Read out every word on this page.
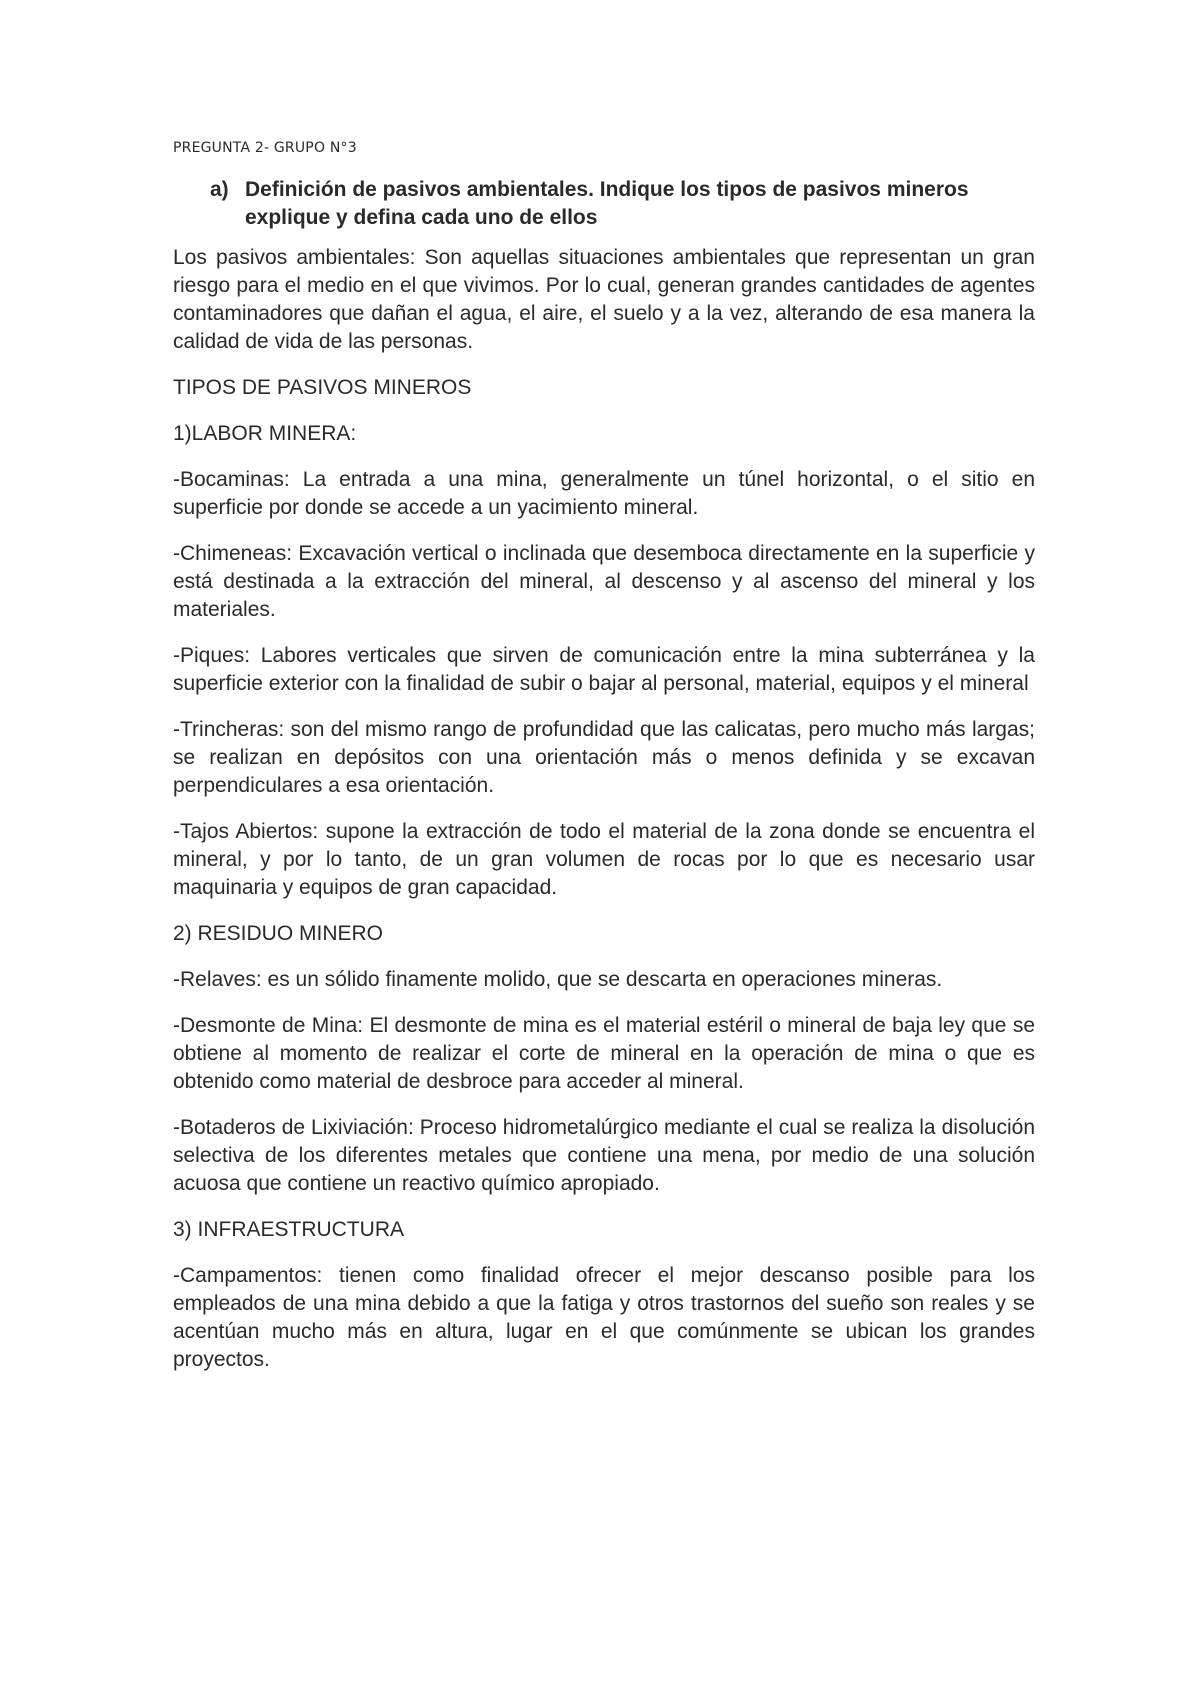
PREGUNTA 2- GRUPO N°3
a) Definición de pasivos ambientales. Indique los tipos de pasivos mineros explique y defina cada uno de ellos

Los pasivos ambientales: Son aquellas situaciones ambientales que representan un gran riesgo para el medio en el que vivimos. Por lo cual, generan grandes cantidades de agentes contaminadores que dañan el agua, el aire, el suelo y a la vez, alterando de esa manera la calidad de vida de las personas.

TIPOS DE PASIVOS MINEROS

1)LABOR MINERA:

-Bocaminas: La entrada a una mina, generalmente un túnel horizontal, o el sitio en superficie por donde se accede a un yacimiento mineral.

-Chimeneas: Excavación vertical o inclinada que desemboca directamente en la superficie y está destinada a la extracción del mineral, al descenso y al ascenso del mineral y los materiales.

-Piques: Labores verticales que sirven de comunicación entre la mina subterránea y la superficie exterior con la finalidad de subir o bajar al personal, material, equipos y el mineral

-Trincheras: son del mismo rango de profundidad que las calicatas, pero mucho más largas; se realizan en depósitos con una orientación más o menos definida y se excavan perpendiculares a esa orientación.

-Tajos Abiertos: supone la extracción de todo el material de la zona donde se encuentra el mineral, y por lo tanto, de un gran volumen de rocas por lo que es necesario usar maquinaria y equipos de gran capacidad.

2) RESIDUO MINERO

-Relaves: es un sólido finamente molido, que se descarta en operaciones mineras.

-Desmonte de Mina: El desmonte de mina es el material estéril o mineral de baja ley que se obtiene al momento de realizar el corte de mineral en la operación de mina o que es obtenido como material de desbroce para acceder al mineral.

-Botaderos de Lixiviación: Proceso hidrometalúrgico mediante el cual se realiza la disolución selectiva de los diferentes metales que contiene una mena, por medio de una solución acuosa que contiene un reactivo químico apropiado.

3) INFRAESTRUCTURA

-Campamentos: tienen como finalidad ofrecer el mejor descanso posible para los empleados de una mina debido a que la fatiga y otros trastornos del sueño son reales y se acentúan mucho más en altura, lugar en el que comúnmente se ubican los grandes proyectos.
